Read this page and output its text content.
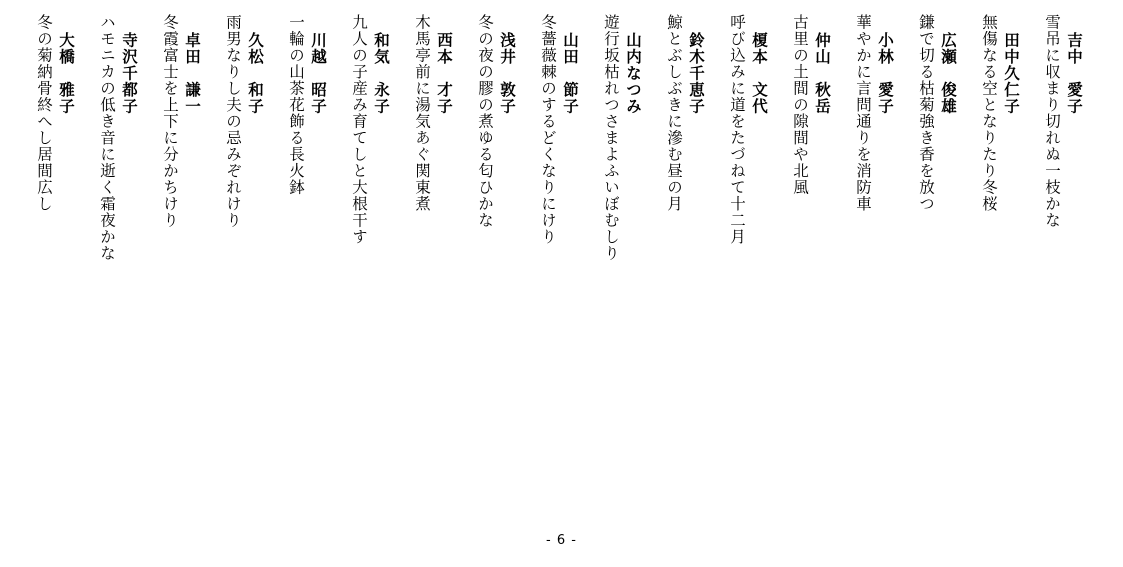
吉中　愛子
雪吊に収まり切れぬ一枝かな
田中久仁子
無傷なる空となりたり冬桜
広瀬　俊雄
鎌で切る枯菊強き香を放つ
小林　愛子
華やかに言問通りを消防車
仲山　秋岳
古里の土間の隙間や北風
榎本　文代
呼び込みに道をたづねて十二月
鈴木千恵子
鯨とぶしぶきに滲む昼の月
山内なつみ
遊行坂枯れつさまよふいぼむしり
山田　節子
冬薔薇棘のするどくなりにけり
浅井　敦子
冬の夜の膠の煮ゆる匂ひかな
西本　才子
木馬亭前に湯気あぐ関東煮
和気　永子
九人の子産み育てしと大根干す
川越　昭子
一輪の山茶花飾る長火鉢
久松　和子
雨男なりし夫の忌みぞれけり
卓田　謙一
冬霞富士を上下に分かちけり
寺沢千都子
ハモニカの低き音に逝く霜夜かな
大橋　雅子
冬の菊納骨終へし居間広し
- 6 -
